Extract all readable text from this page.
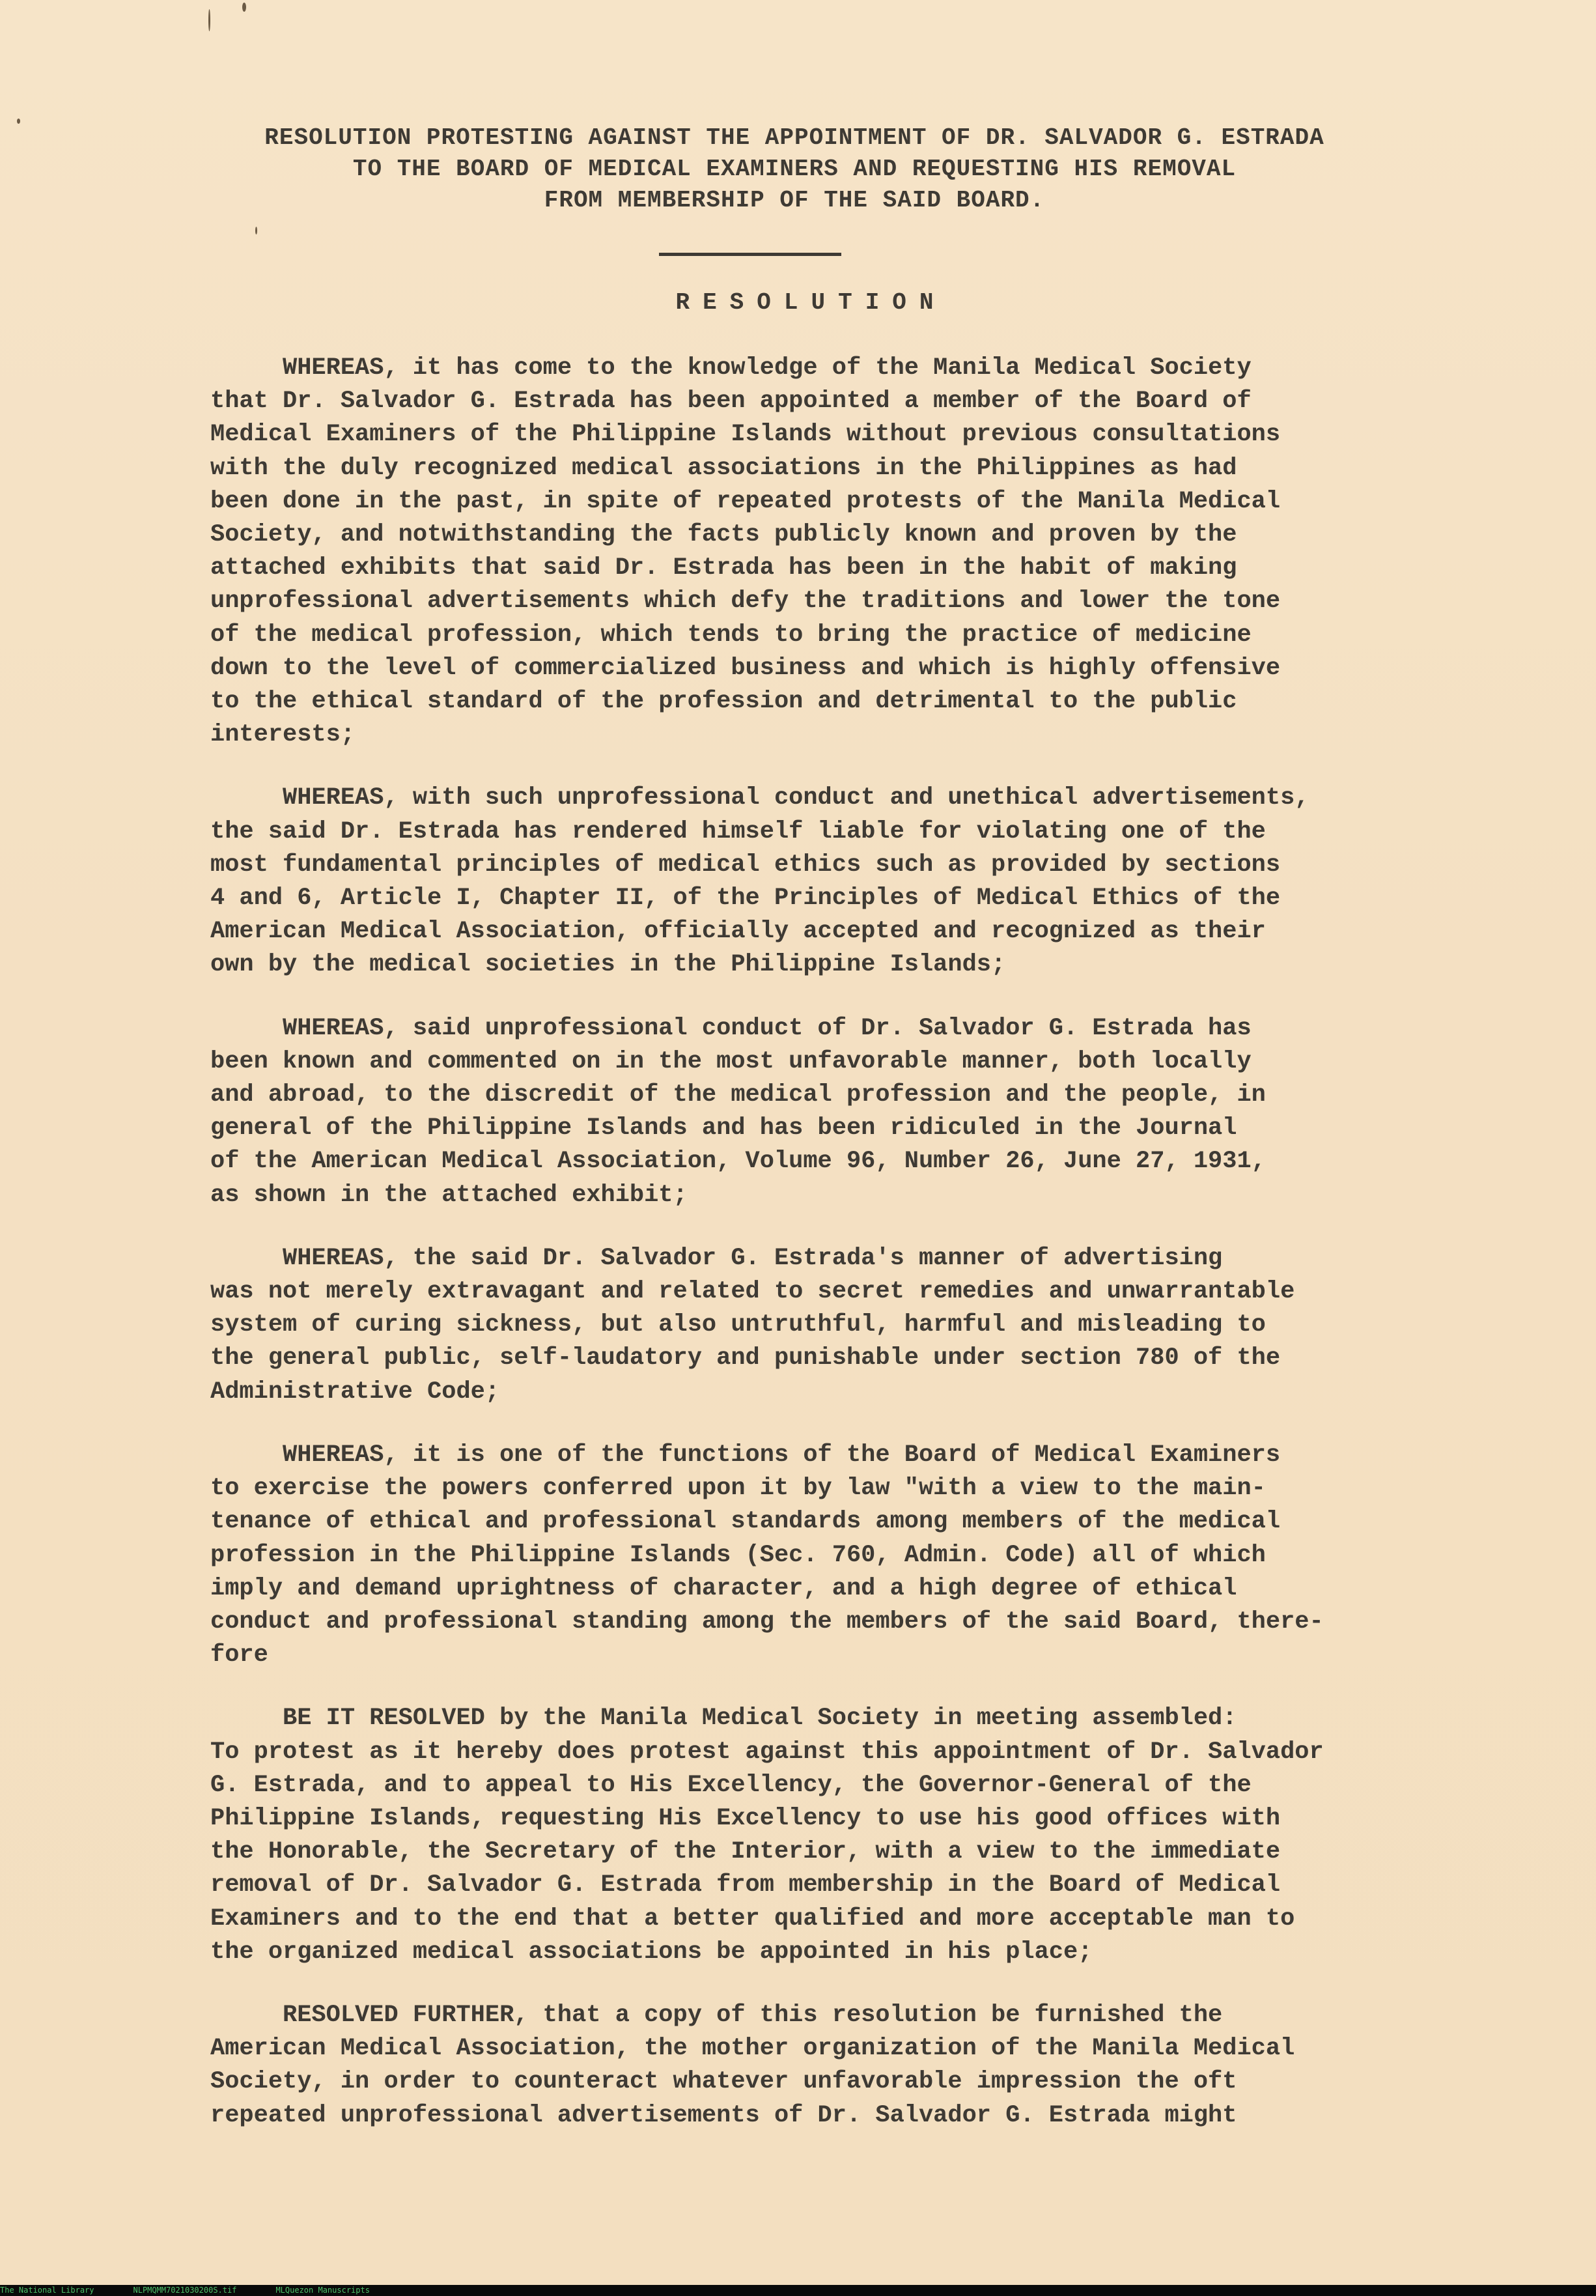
RESOLUTION PROTESTING AGAINST THE APPOINTMENT OF DR. SALVADOR G. ESTRADA
TO THE BOARD OF MEDICAL EXAMINERS AND REQUESTING HIS REMOVAL
FROM MEMBERSHIP OF THE SAID BOARD.
RESOLUTION
WHEREAS, it has come to the knowledge of the Manila Medical Society
that Dr. Salvador G. Estrada has been appointed a member of the Board of
Medical Examiners of the Philippine Islands without previous consultations
with the duly recognized medical associations in the Philippines as had
been done in the past, in spite of repeated protests of the Manila Medical
Society, and notwithstanding the facts publicly known and proven by the
attached exhibits that said Dr. Estrada has been in the habit of making
unprofessional advertisements which defy the traditions and lower the tone
of the medical profession, which tends to bring the practice of medicine
down to the level of commercialized business and which is highly offensive
to the ethical standard of the profession and detrimental to the public
interests;
WHEREAS, with such unprofessional conduct and unethical advertisements,
the said Dr. Estrada has rendered himself liable for violating one of the
most fundamental principles of medical ethics such as provided by sections
4 and 6, Article I, Chapter II, of the Principles of Medical Ethics of the
American Medical Association, officially accepted and recognized as their
own by the medical societies in the Philippine Islands;
WHEREAS, said unprofessional conduct of Dr. Salvador G. Estrada has
been known and commented on in the most unfavorable manner, both locally
and abroad, to the discredit of the medical profession and the people, in
general of the Philippine Islands and has been ridiculed in the Journal
of the American Medical Association, Volume 96, Number 26, June 27, 1931,
as shown in the attached exhibit;
WHEREAS, the said Dr. Salvador G. Estrada's manner of advertising
was not merely extravagant and related to secret remedies and unwarrantable
system of curing sickness, but also untruthful, harmful and misleading to
the general public, self-laudatory and punishable under section 780 of the
Administrative Code;
WHEREAS, it is one of the functions of the Board of Medical Examiners
to exercise the powers conferred upon it by law "with a view to the main-
tenance of ethical and professional standards among members of the medical
profession in the Philippine Islands (Sec. 760, Admin. Code) all of which
imply and demand uprightness of character, and a high degree of ethical
conduct and professional standing among the members of the said Board, there-
fore
BE IT RESOLVED by the Manila Medical Society in meeting assembled:
To protest as it hereby does protest against this appointment of Dr. Salvador
G. Estrada, and to appeal to His Excellency, the Governor-General of the
Philippine Islands, requesting His Excellency to use his good offices with
the Honorable, the Secretary of the Interior, with a view to the immediate
removal of Dr. Salvador G. Estrada from membership in the Board of Medical
Examiners and to the end that a better qualified and more acceptable man to
the organized medical associations be appointed in his place;
RESOLVED FURTHER, that a copy of this resolution be furnished the
American Medical Association, the mother organization of the Manila Medical
Society, in order to counteract whatever unfavorable impression the oft
repeated unprofessional advertisements of Dr. Salvador G. Estrada might
The National Library	NLPMQMM7021030200S.tif	MLQuezon Manuscripts
